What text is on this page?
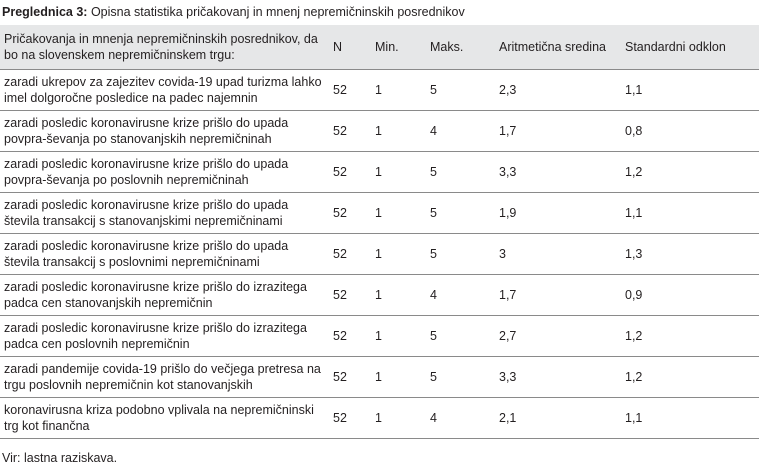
Preglednica 3: Opisna statistika pričakovanj in mnenj nepremičninskih posrednikov
Pričakovanja in mnenja nepremičninskih posrednikov, da bo na slovenskem nepremičninskem trgu:	N	Min.	Maks.	Aritmetična sredina	Standardni odklon
zaradi ukrepov za zajezitev covida-19 upad turizma lahko imel dolgoročne posledice na padec najemnin	52	1	5	2,3	1,1
zaradi posledic koronavirusne krize prišlo do upada povpra-ševanja po stanovanjskih nepremičninah	52	1	4	1,7	0,8
zaradi posledic koronavirusne krize prišlo do upada povpra-ševanja po poslovnih nepremičninah	52	1	5	3,3	1,2
zaradi posledic koronavirusne krize prišlo do upada števila transakcij s stanovanjskimi nepremičninami	52	1	5	1,9	1,1
zaradi posledic koronavirusne krize prišlo do upada števila transakcij s poslovnimi nepremičninami	52	1	5	3	1,3
zaradi posledic koronavirusne krize prišlo do izrazitega padca cen stanovanjskih nepremičnin	52	1	4	1,7	0,9
zaradi posledic koronavirusne krize prišlo do izrazitega padca cen poslovnih nepremičnin	52	1	5	2,7	1,2
zaradi pandemije covida-19 prišlo do večjega pretresa na trgu poslovnih nepremičnin kot stanovanjskih	52	1	5	3,3	1,2
koronavirusna kriza podobno vplivala na nepremičninski trg kot finančna	52	1	4	2,1	1,1
Vir: lastna raziskava.
